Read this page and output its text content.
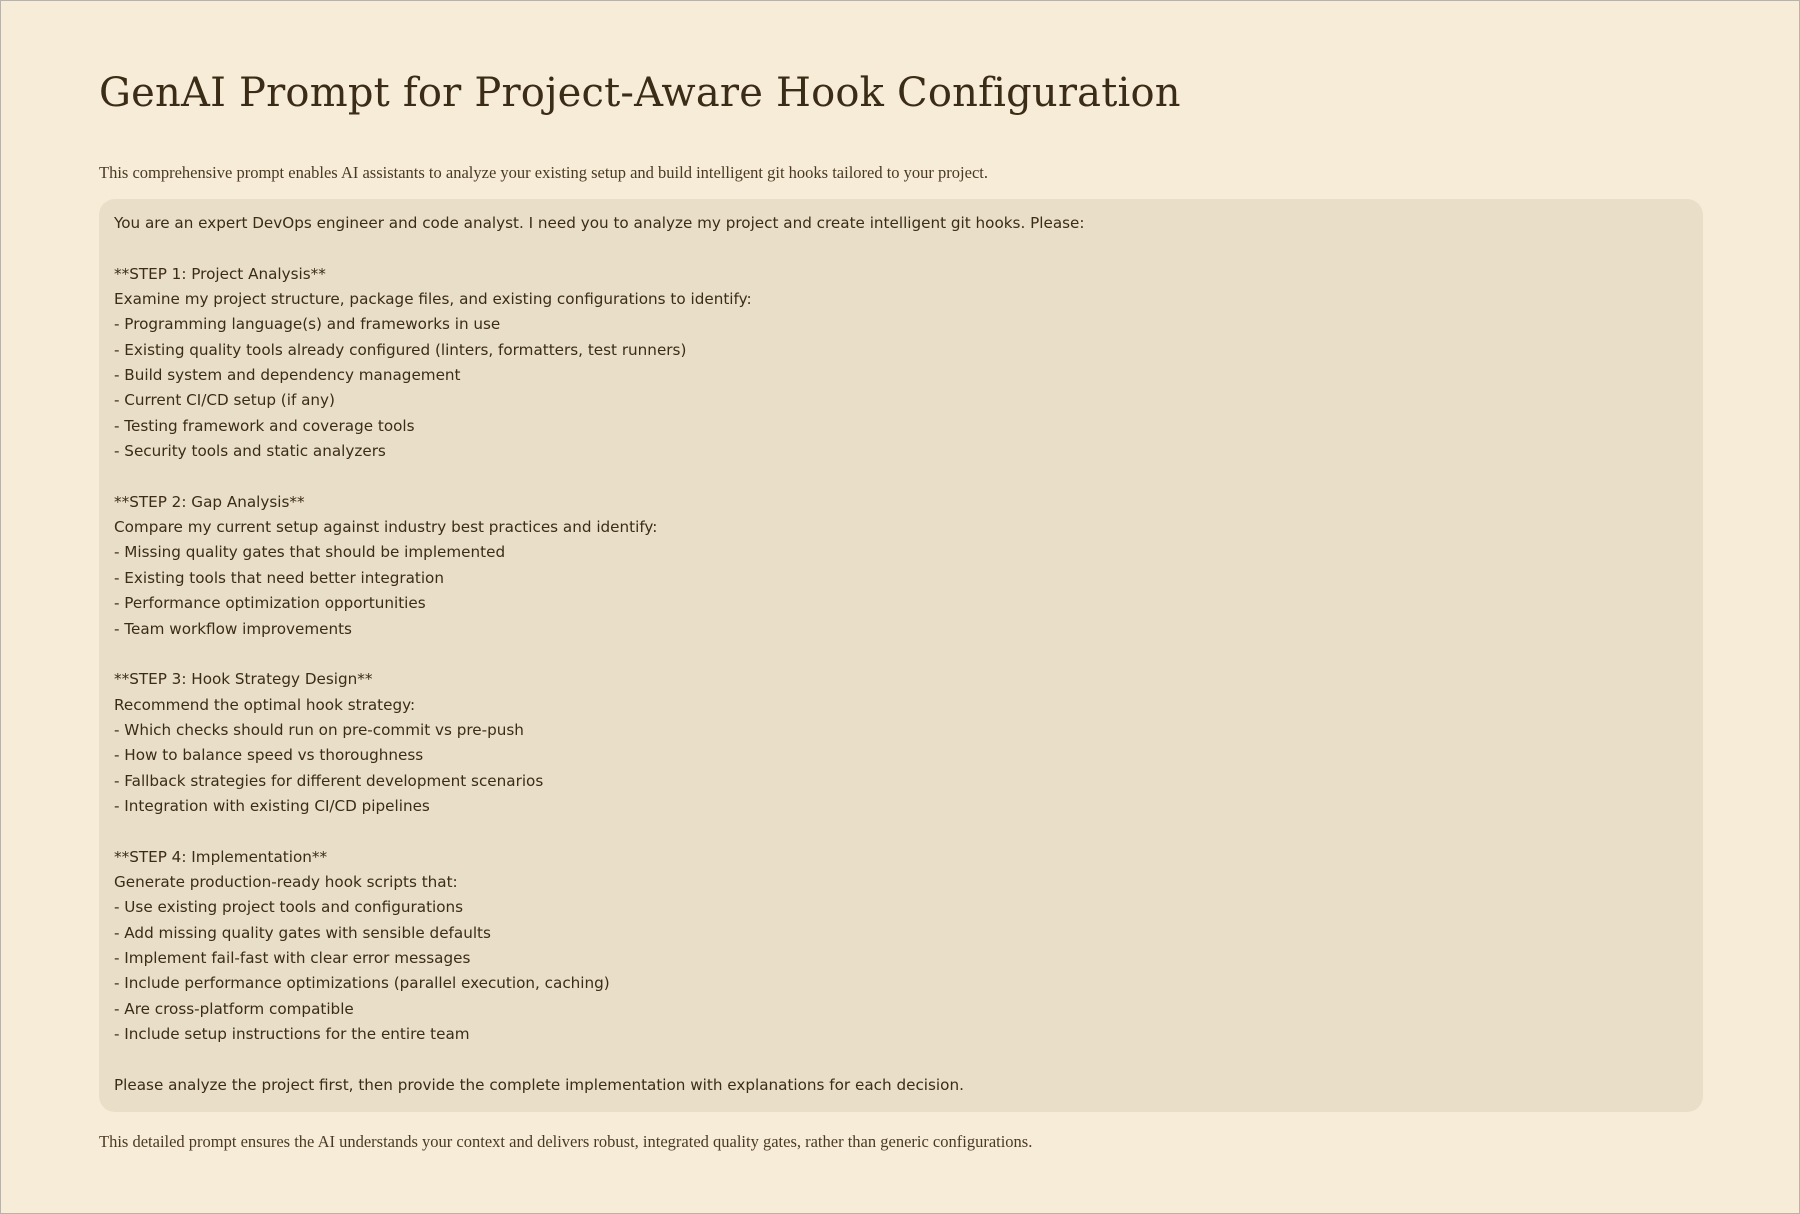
GenAI Prompt for Project-Aware Hook Configuration

This comprehensive prompt enables AI assistants to analyze your existing setup and build intelligent git hooks tailored to your project.

You are an expert DevOps engineer and code analyst. I need you to analyze my project and create intelligent git hooks. Please:
**STEP 1: Project Analysis**
Examine my project structure, package files, and existing configurations to identify:
- Programming language(s) and frameworks in use
- Existing quality tools already configured (linters, formatters, test runners)
- Build system and dependency management
- Current CI/CD setup (if any)
- Testing framework and coverage tools
- Security tools and static analyzers
**STEP 2: Gap Analysis**
Compare my current setup against industry best practices and identify:
- Missing quality gates that should be implemented
- Existing tools that need better integration
- Performance optimization opportunities
- Team workflow improvements
**STEP 3: Hook Strategy Design**
Recommend the optimal hook strategy:
- Which checks should run on pre-commit vs pre-push
- How to balance speed vs thoroughness
- Fallback strategies for different development scenarios
- Integration with existing CI/CD pipelines
**STEP 4: Implementation**
Generate production-ready hook scripts that:
- Use existing project tools and configurations
- Add missing quality gates with sensible defaults
- Implement fail-fast with clear error messages
- Include performance optimizations (parallel execution, caching)
- Are cross-platform compatible
- Include setup instructions for the entire team
Please analyze the project first, then provide the complete implementation with explanations for each decision.

This detailed prompt ensures the AI understands your context and delivers robust, integrated quality gates, rather than generic configurations.
